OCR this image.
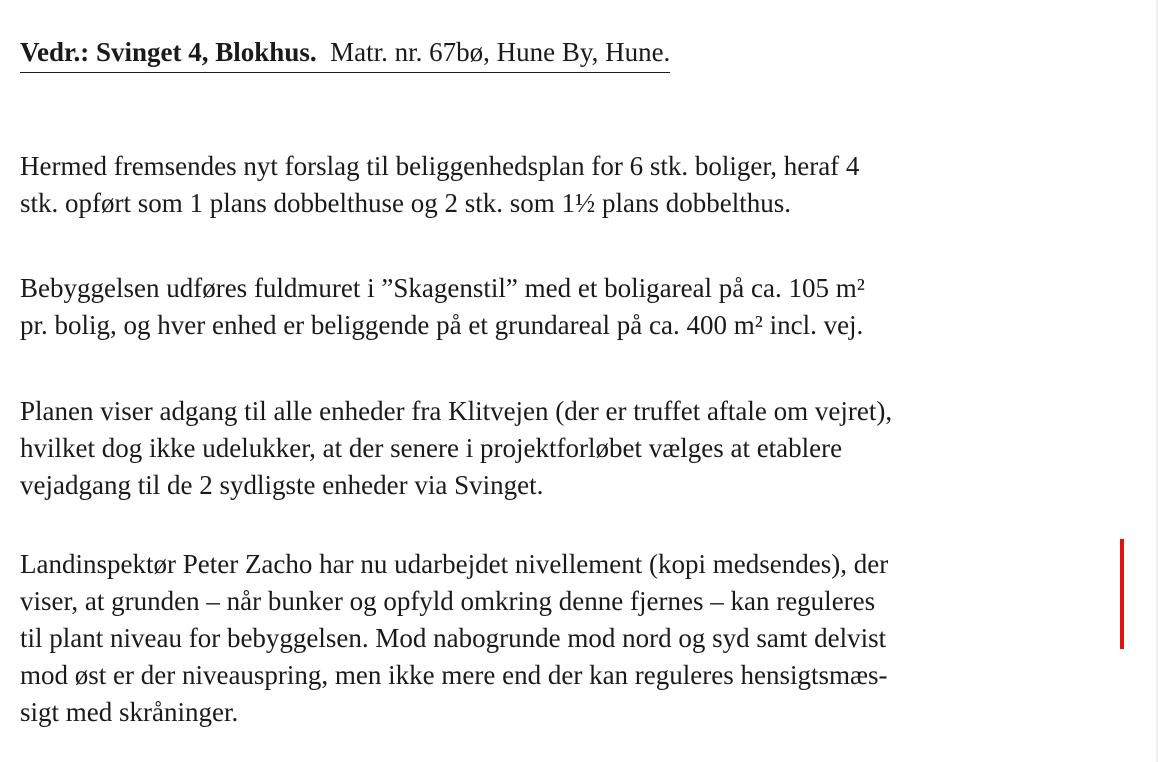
Vedr.: Svinget 4, Blokhus. Matr. nr. 67bø, Hune By, Hune.

Hermed fremsendes nyt forslag til beliggenhedsplan for 6 stk. boliger, heraf 4
stk. opført som 1 plans dobbelthuse og 2 stk. som 1½ plans dobbelthus.

Bebyggelsen udføres fuldmuret i ”Skagenstil” med et boligareal på ca. 105 m²
pr. bolig, og hver enhed er beliggende på et grundareal på ca. 400 m² incl. vej.

Planen viser adgang til alle enheder fra Klitvejen (der er truffet aftale om vejret),
hvilket dog ikke udelukker, at der senere i projektforløbet vælges at etablere
vejadgang til de 2 sydligste enheder via Svinget.

Landinspektør Peter Zacho har nu udarbejdet nivellement (kopi medsendes), der
viser, at grunden – når bunker og opfyld omkring denne fjernes – kan reguleres
til plant niveau for bebyggelsen. Mod nabogrunde mod nord og syd samt delvist
mod øst er der niveauspring, men ikke mere end der kan reguleres hensigtsmæs-
sigt med skråninger.
